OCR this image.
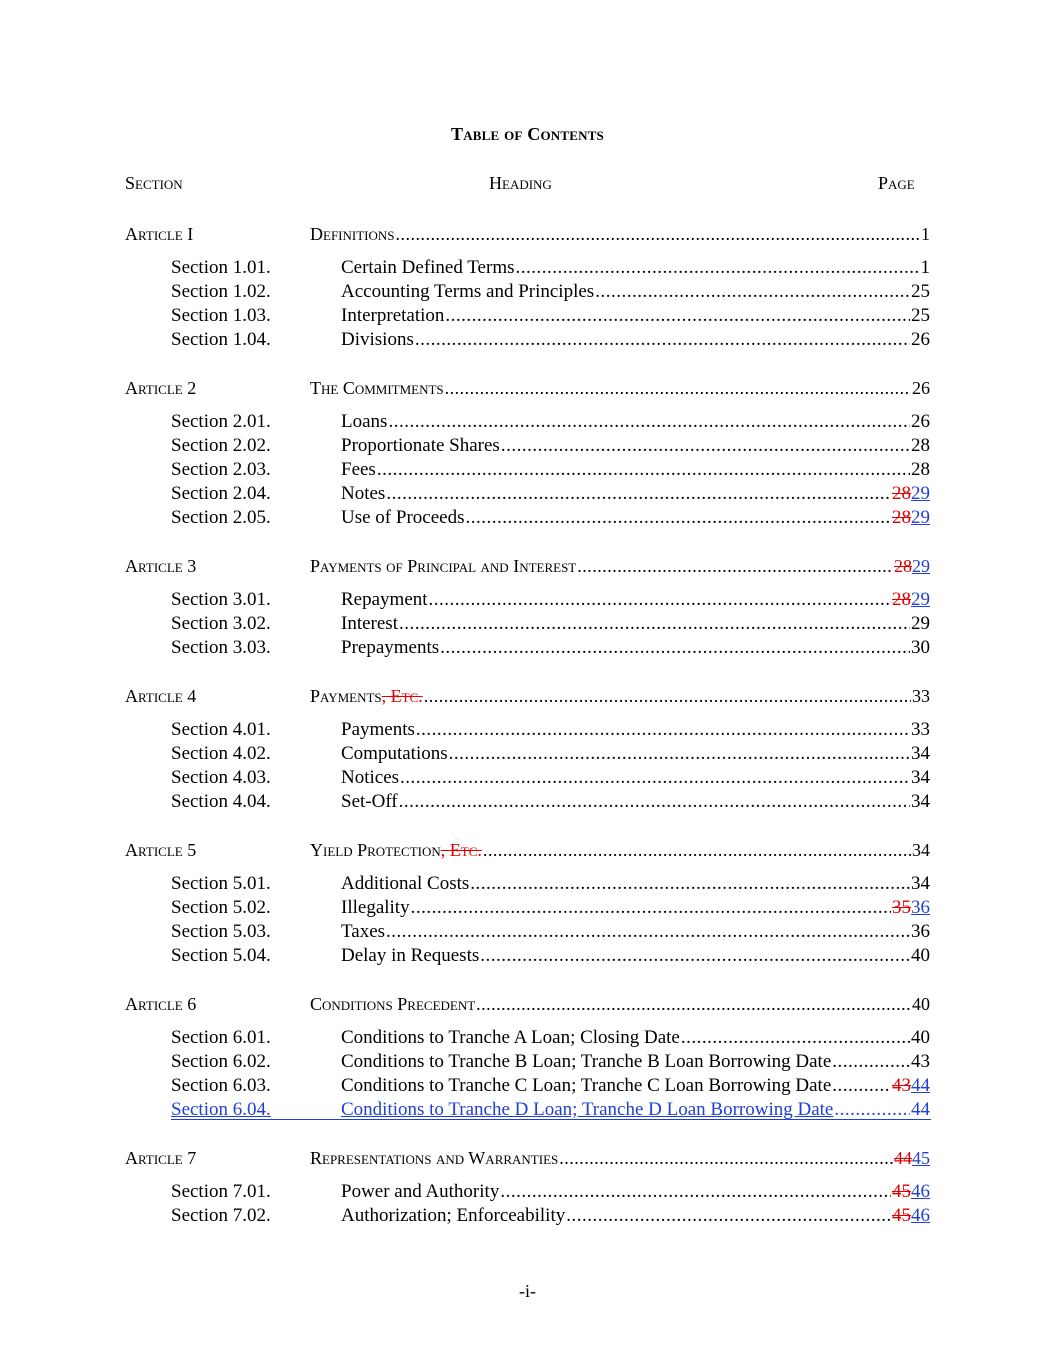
Table of Contents
Section	Heading	Page
Article I	Definitions .....	1
Section 1.01.	Certain Defined Terms .....	1
Section 1.02.	Accounting Terms and Principles .....	25
Section 1.03.	Interpretation .....	25
Section 1.04.	Divisions .....	26
Article 2	The Commitments .....	26
Section 2.01.	Loans .....	26
Section 2.02.	Proportionate Shares .....	28
Section 2.03.	Fees .....	28
Section 2.04.	Notes .....	2829
Section 2.05.	Use of Proceeds .....	2829
Article 3	Payments of Principal and Interest .....	2829
Section 3.01.	Repayment .....	2829
Section 3.02.	Interest .....	29
Section 3.03.	Prepayments .....	30
Article 4	Payments , Etc. .....	33
Section 4.01.	Payments .....	33
Section 4.02.	Computations .....	34
Section 4.03.	Notices .....	34
Section 4.04.	Set-Off .....	34
Article 5	Yield Protection , Etc. .....	34
Section 5.01.	Additional Costs .....	34
Section 5.02.	Illegality .....	3536
Section 5.03.	Taxes .....	36
Section 5.04.	Delay in Requests .....	40
Article 6	Conditions Precedent .....	40
Section 6.01.	Conditions to Tranche A Loan; Closing Date .....	40
Section 6.02.	Conditions to Tranche B Loan; Tranche B Loan Borrowing Date .....	43
Section 6.03.	Conditions to Tranche C Loan; Tranche C Loan Borrowing Date .....	4344
Section 6.04.	Conditions to Tranche D Loan; Tranche D Loan Borrowing Date .....	44
Article 7	Representations and Warranties .....	4445
Section 7.01.	Power and Authority .....	4546
Section 7.02.	Authorization; Enforceability .....	4546
-i-
